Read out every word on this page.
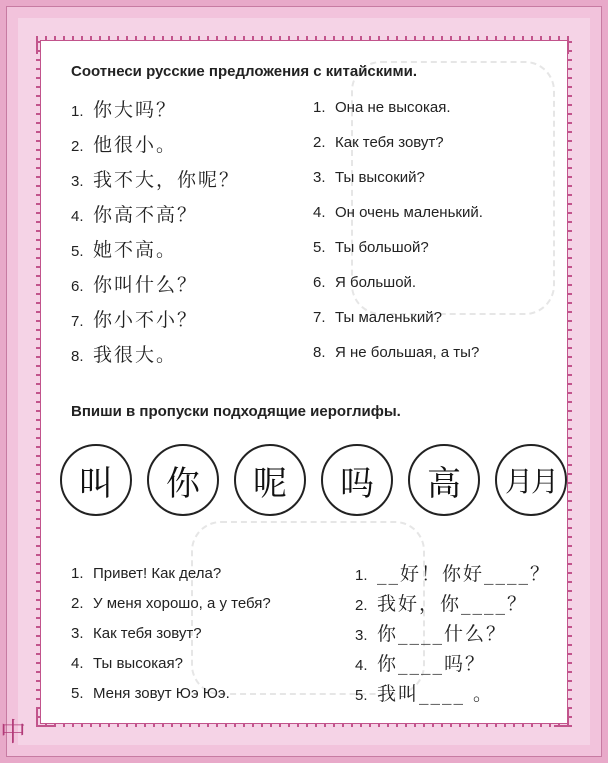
中
Соотнеси русские предложения с китайскими.
1. 你大吗？
2. 他很小。
3. 我不大，你呢？
4. 你高不高？
5. 她不高。
6. 你叫什么？
7. 你小不小？
8. 我很大。
1. Она не высокая.
2. Как тебя зовут?
3. Ты высокий?
4. Он очень маленький.
5. Ты большой?
6. Я большой.
7. Ты маленький?
8. Я не большая, а ты?
Впиши в пропуски подходящие иероглифы.
叫	你	呢	吗	高	月月
1. Привет! Как дела?
2. У меня хорошо, а у тебя?
3. Как тебя зовут?
4. Ты высокая?
5. Меня зовут Юэ Юэ.
1. __好！你好____？
2. 我好，你____？
3. 你____什么？
4. 你____吗？
5. 我叫____ 。
